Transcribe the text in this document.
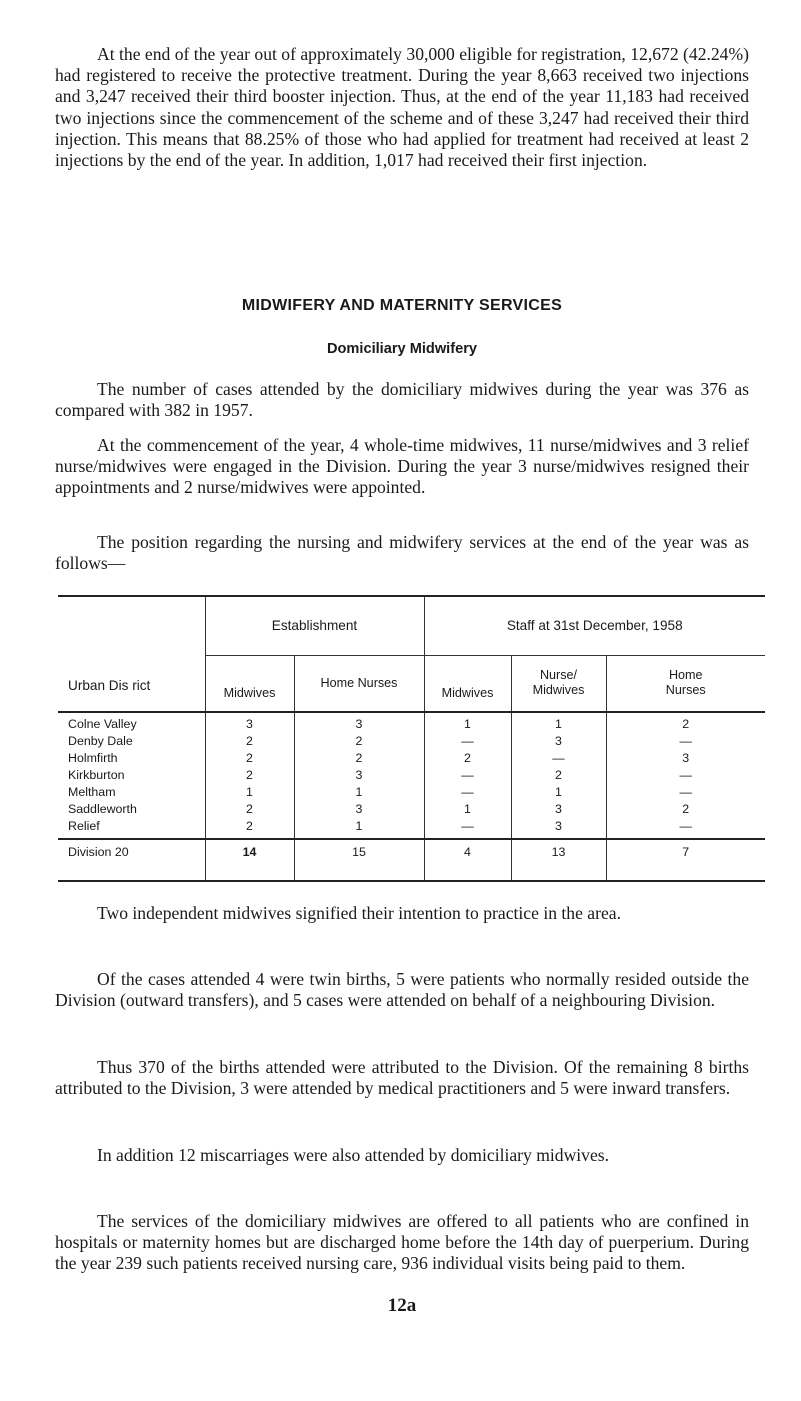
At the end of the year out of approximately 30,000 eligible for registration, 12,672 (42.24%) had registered to receive the protective treatment. During the year 8,663 received two injections and 3,247 received their third booster injection. Thus, at the end of the year 11,183 had received two injections since the commencement of the scheme and of these 3,247 had received their third injection. This means that 88.25% of those who had applied for treatment had received at least 2 injections by the end of the year. In addition, 1,017 had received their first injection.

MIDWIFERY AND MATERNITY SERVICES
Domiciliary Midwifery

The number of cases attended by the domiciliary midwives during the year was 376 as compared with 382 in 1957.

At the commencement of the year, 4 whole-time midwives, 11 nurse/midwives and 3 relief nurse/midwives were engaged in the Division. During the year 3 nurse/midwives resigned their appointments and 2 nurse/midwives were appointed.

The position regarding the nursing and midwifery services at the end of the year was as follows—

Urban Dis rict	Establishment		Staff at 31st December, 1958		
	Midwives	Home Nurses	Midwives	Nurse/ Midwives	Home Nurses

Colne Valley	3	3	1	1	2
Denby Dale	2	2	—	3	—
Holmfirth	2	2	2	—	3
Kirkburton	2	3	—	2	—
Meltham	1	1	—	1	—
Saddleworth	2	3	1	3	2
Relief	2	1	—	3	—

Division 20	14	15	4	13	7

Two independent midwives signified their intention to practice in the area.

Of the cases attended 4 were twin births, 5 were patients who normally resided outside the Division (outward transfers), and 5 cases were attended on behalf of a neighbouring Division.

Thus 370 of the births attended were attributed to the Division. Of the remaining 8 births attributed to the Division, 3 were attended by medical practitioners and 5 were inward transfers.

In addition 12 miscarriages were also attended by domiciliary midwives.

The services of the domiciliary midwives are offered to all patients who are confined in hospitals or maternity homes but are discharged home before the 14th day of puerperium. During the year 239 such patients received nursing care, 936 individual visits being paid to them.

12a
